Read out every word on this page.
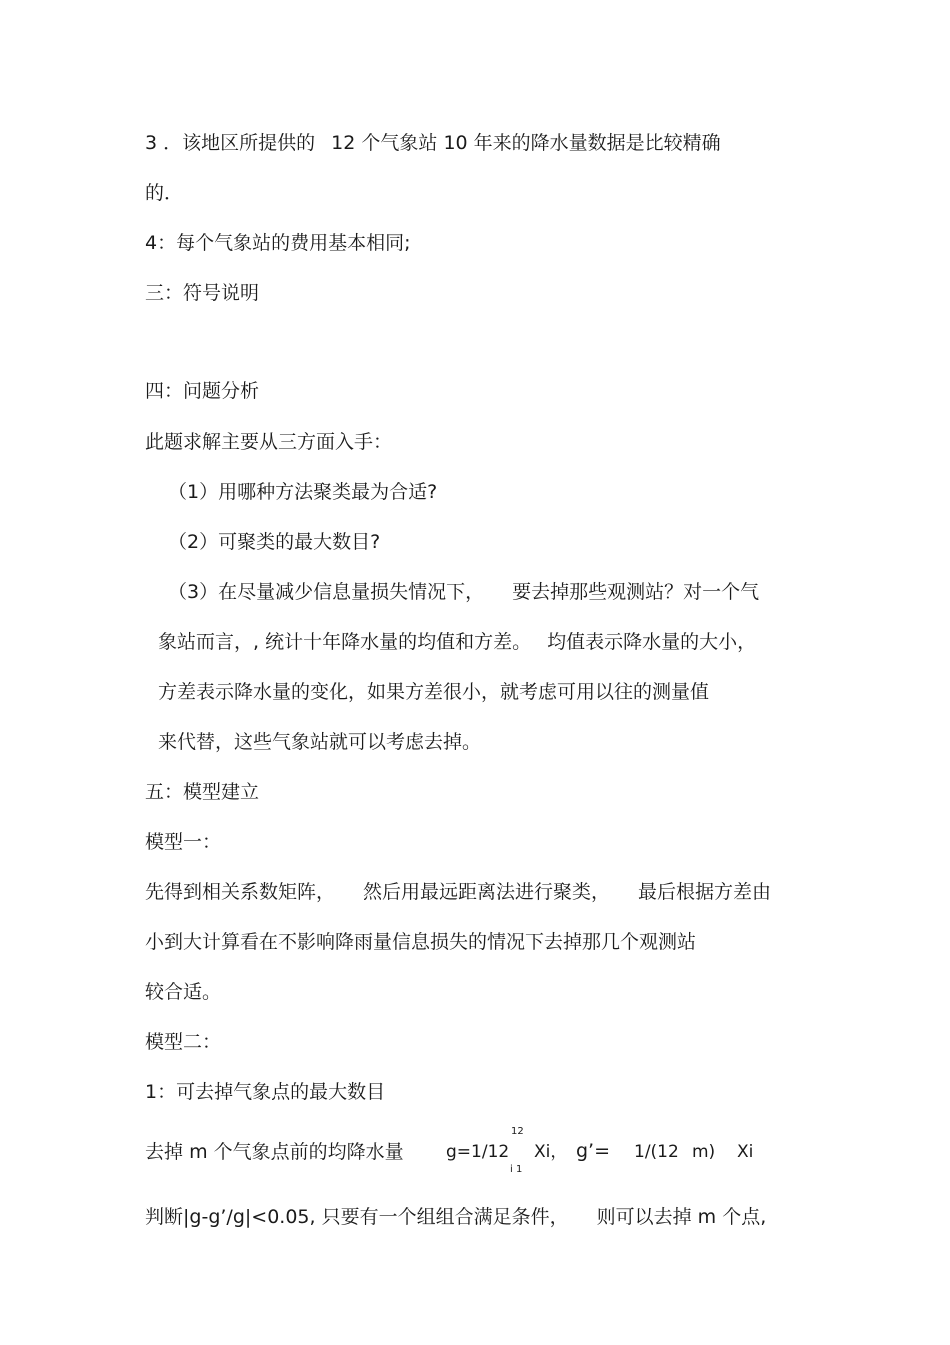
3 ．该地区所提供的 12 个气象站 10 年来的降水量数据是比较精确
的．
4：每个气象站的费用基本相同;
三：符号说明
四：问题分析
此题求解主要从三方面入手：
（1）用哪种方法聚类最为合适?
（2）可聚类的最大数目?
（3）在尽量减少信息量损失情况下， 要去掉那些观测站？对一个气
象站而言，, 统计十年降水量的均值和方差。 均值表示降水量的大小，
方差表示降水量的变化，如果方差很小，就考虑可用以往的测量值
来代替，这些气象站就可以考虑去掉。
五：模型建立
模型一：
先得到相关系数矩阵， 然后用最远距离法进行聚类， 最后根据方差由
小到大计算看在不影响降雨量信息损失的情况下去掉那几个观测站
较合适。
模型二：
1：可去掉气象点的最大数目
去掉 m 个气象点前的均降水量 g=1/12
12
i 1
Xi， g’= 1/(12 m) Xi
判断|g-g’/g|<0.05, 只要有一个组组合满足条件， 则可以去掉 m 个点,
